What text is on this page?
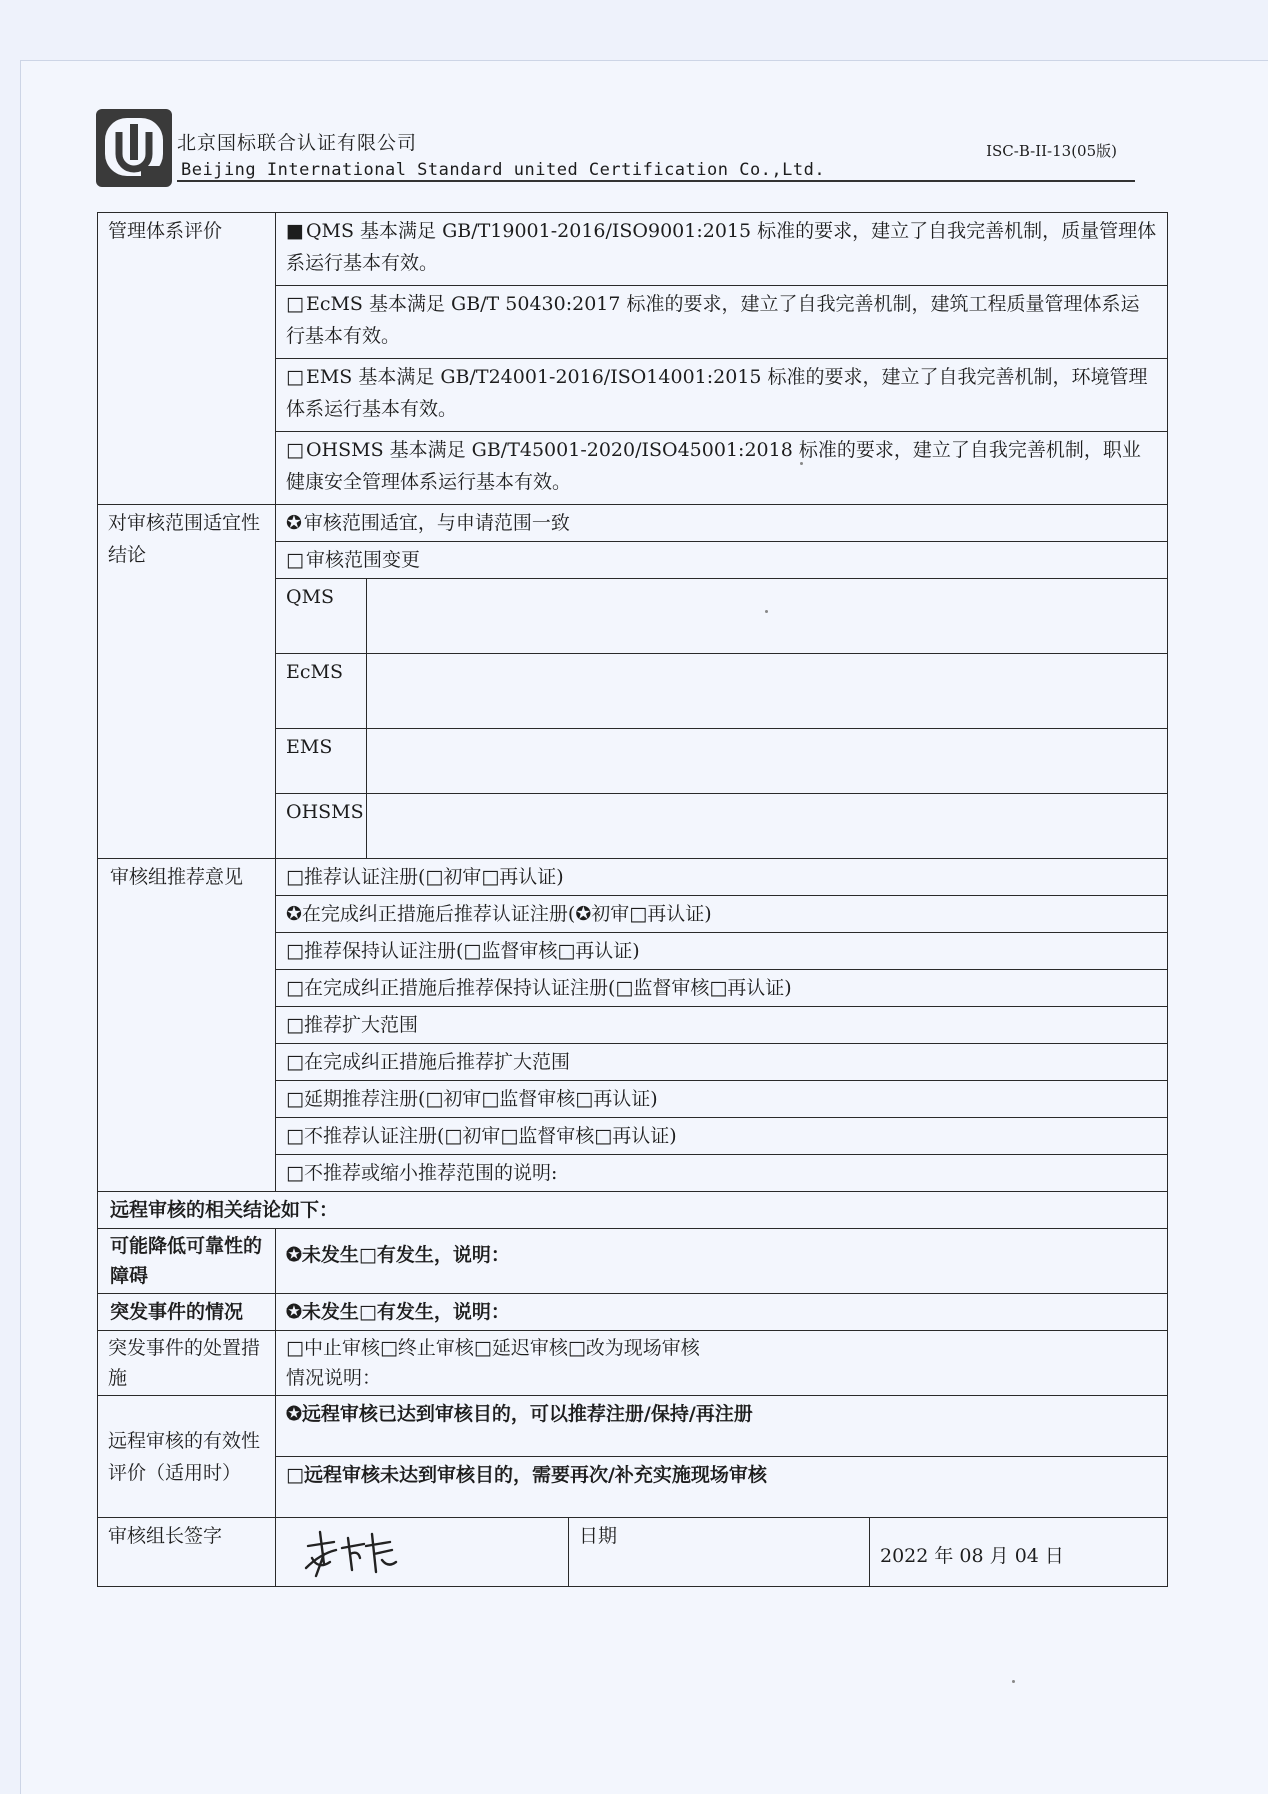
北京国标联合认证有限公司
Beijing International Standard united Certification Co.,Ltd.
ISC-B-II-13(05版)
管理体系评价	■ QMS 基本满足 GB/T19001-2016/ISO9001:2015 标准的要求，建立了自我完善机制，质量管理体系运行基本有效。			
	□ EcMS 基本满足 GB/T 50430:2017 标准的要求，建立了自我完善机制，建筑工程质量管理体系运行基本有效。			
	□ EMS 基本满足 GB/T24001-2016/ISO14001:2015 标准的要求，建立了自我完善机制，环境管理体系运行基本有效。			
	□ OHSMS 基本满足 GB/T45001-2020/ISO45001:2018 标准的要求，建立了自我完善机制，职业健康安全管理体系运行基本有效。			
对审核范围适宜性结论	✪ 审核范围适宜，与申请范围一致			
	□ 审核范围变更			
	QMS			
	EcMS			
	EMS			
	OHSMS			
审核组推荐意见	□推荐认证注册(□初审□再认证)			
	✪在完成纠正措施后推荐认证注册(✪初审□再认证)			
	□推荐保持认证注册(□监督审核□再认证)			
	□在完成纠正措施后推荐保持认证注册(□监督审核□再认证)			
	□推荐扩大范围			
	□在完成纠正措施后推荐扩大范围			
	□延期推荐注册(□初审□监督审核□再认证)			
	□不推荐认证注册(□初审□监督审核□再认证)			
	□不推荐或缩小推荐范围的说明:			
远程审核的相关结论如下：				
可能降低可靠性的障碍	✪未发生□有发生，说明：			
突发事件的情况	✪未发生□有发生，说明：			
突发事件的处置措施	□中止审核□终止审核□延迟审核□改为现场审核
情况说明：			

远程审核的有效性评价（适用时）	✪远程审核已达到审核目的，可以推荐注册/保持/再注册			
	□远程审核未达到审核目的，需要再次/补充实施现场审核			
审核组长签字			日期	2022 年 08 月 04 日
